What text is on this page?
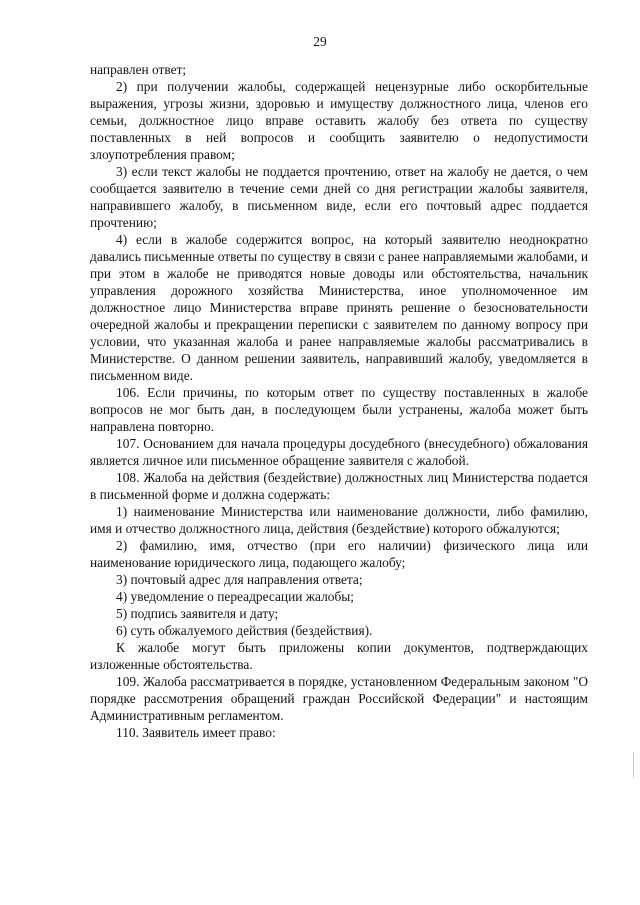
29

направлен ответ;

2) при получении жалобы, содержащей нецензурные либо оскорбительные выражения, угрозы жизни, здоровью и имуществу должностного лица, членов его семьи, должностное лицо вправе оставить жалобу без ответа по существу поставленных в ней вопросов и сообщить заявителю о недопустимости злоупотребления правом;

3) если текст жалобы не поддается прочтению, ответ на жалобу не дается, о чем сообщается заявителю в течение семи дней со дня регистрации жалобы заявителя, направившего жалобу, в письменном виде, если его почтовый адрес поддается прочтению;

4) если в жалобе содержится вопрос, на который заявителю неоднократно давались письменные ответы по существу в связи с ранее направляемыми жалобами, и при этом в жалобе не приводятся новые доводы или обстоятельства, начальник управления дорожного хозяйства Министерства, иное уполномоченное им должностное лицо Министерства вправе принять решение о безосновательности очередной жалобы и прекращении переписки с заявителем по данному вопросу при условии, что указанная жалоба и ранее направляемые жалобы рассматривались в Министерстве. О данном решении заявитель, направивший жалобу, уведомляется в письменном виде.

106. Если причины, по которым ответ по существу поставленных в жалобе вопросов не мог быть дан, в последующем были устранены, жалоба может быть направлена повторно.

107. Основанием для начала процедуры досудебного (внесудебного) обжалования является личное или письменное обращение заявителя с жалобой.

108. Жалоба на действия (бездействие) должностных лиц Министерства подается в письменной форме и должна содержать:

1) наименование Министерства или наименование должности, либо фамилию, имя и отчество должностного лица, действия (бездействие) которого обжалуются;

2) фамилию, имя, отчество (при его наличии) физического лица или наименование юридического лица, подающего жалобу;

3) почтовый адрес для направления ответа;

4) уведомление о переадресации жалобы;

5) подпись заявителя и дату;

6) суть обжалуемого действия (бездействия).

К жалобе могут быть приложены копии документов, подтверждающих изложенные обстоятельства.

109. Жалоба рассматривается в порядке, установленном Федеральным законом "О порядке рассмотрения обращений граждан Российской Федерации" и настоящим Административным регламентом.

110. Заявитель имеет право:
